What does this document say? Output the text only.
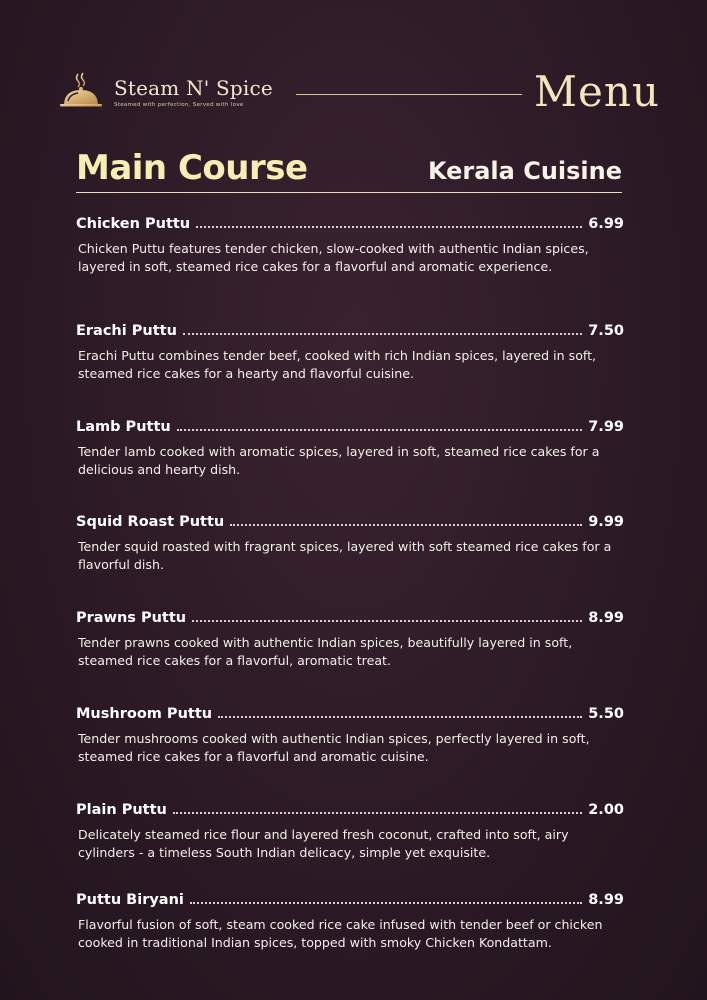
Steam N' Spice
Steamed with perfection, Served with love	Menu
Main Course	Kerala Cuisine
Chicken Puttu	6.99
Chicken Puttu features tender chicken, slow-cooked with authentic Indian spices, layered in soft, steamed rice cakes for a flavorful and aromatic experience.
Erachi Puttu	7.50
Erachi Puttu combines tender beef, cooked with rich Indian spices, layered in soft, steamed rice cakes for a hearty and flavorful cuisine.
Lamb Puttu	7.99
Tender lamb cooked with aromatic spices, layered in soft, steamed rice cakes for a delicious and hearty dish.
Squid Roast Puttu	9.99
Tender squid roasted with fragrant spices, layered with soft steamed rice cakes for a flavorful dish.
Prawns Puttu	8.99
Tender prawns cooked with authentic Indian spices, beautifully layered in soft, steamed rice cakes for a flavorful, aromatic treat.
Mushroom Puttu	5.50
Tender mushrooms cooked with authentic Indian spices, perfectly layered in soft, steamed rice cakes for a flavorful and aromatic cuisine.
Plain Puttu	2.00
Delicately steamed rice flour and layered fresh coconut, crafted into soft, airy cylinders - a timeless South Indian delicacy, simple yet exquisite.
Puttu Biryani	8.99
Flavorful fusion of soft, steam cooked rice cake infused with tender beef or chicken cooked in traditional Indian spices, topped with smoky Chicken Kondattam.
